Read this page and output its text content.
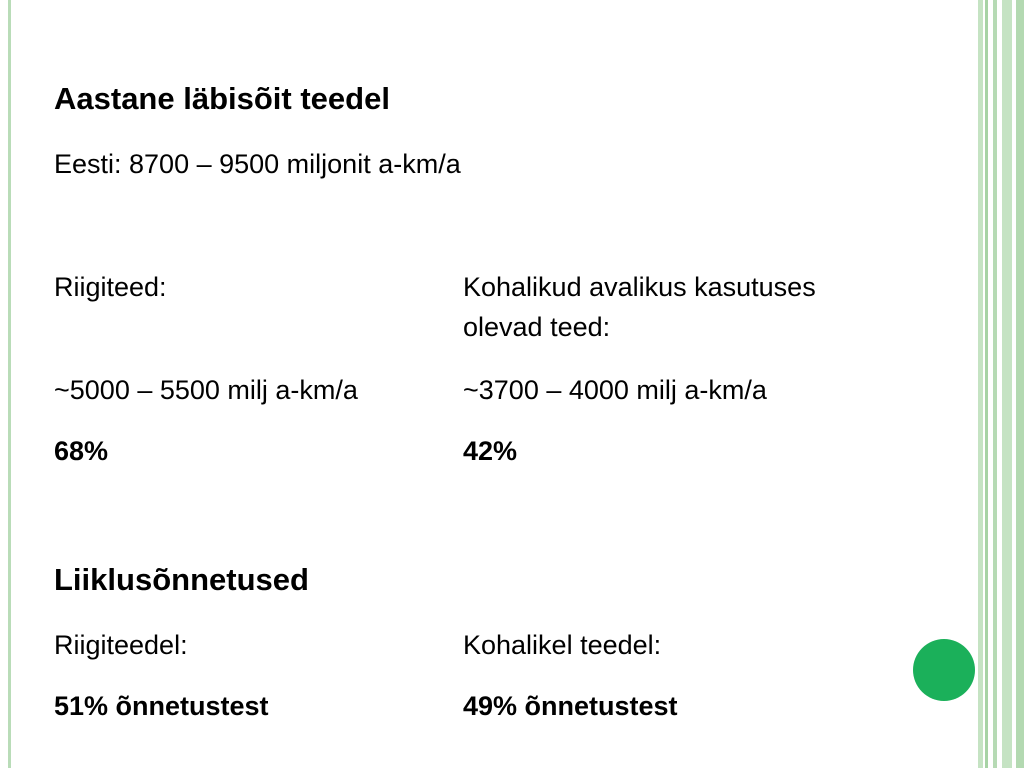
Aastane läbisõit teedel
Eesti: 8700 – 9500 miljonit a-km/a
Riigiteed:	Kohalikud avalikus kasutuses olevad teed:
~5000 – 5500 milj a-km/a	~3700 – 4000 milj a-km/a
68%	42%
Liiklusõnnetused
Riigiteedel:	Kohalikel teedel:
51% õnnetustest	49% õnnetustest
